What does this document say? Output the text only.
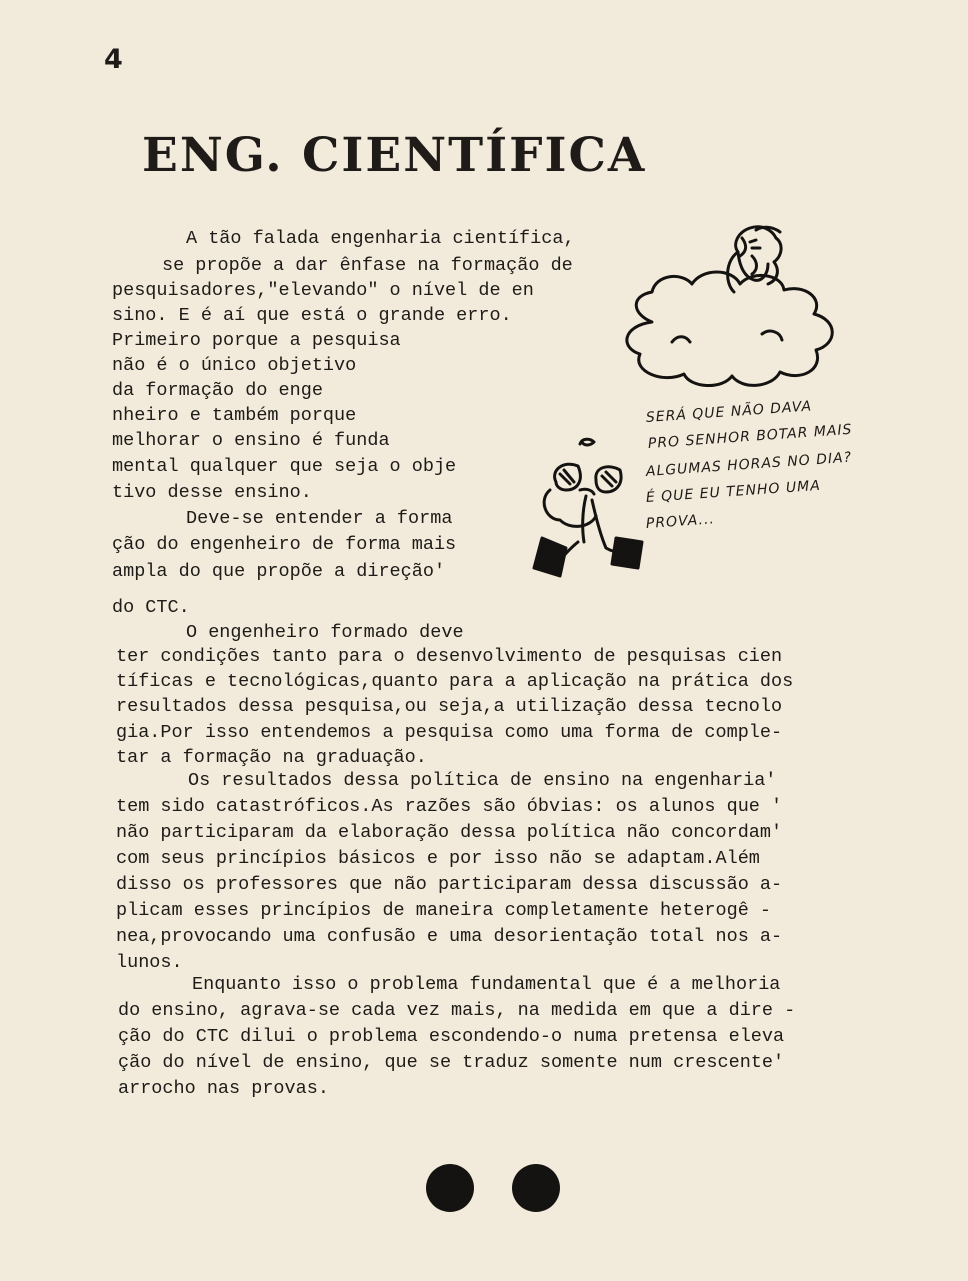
4
ENG. CIENTÍFICA
A tão falada engenharia científica,
se propõe a dar ênfase na formação de
pesquisadores,"elevando" o nível de en
sino. E é aí que está o grande erro.
Primeiro porque a pesquisa
não é o único objetivo
da formação do enge
nheiro e também porque
melhorar o ensino é funda
mental qualquer que seja o obje
tivo desse ensino.
Deve-se entender a forma
ção do engenheiro de forma mais
ampla do que propõe a direção'
do CTC.
O engenheiro formado deve
ter condições tanto para o desenvolvimento de pesquisas cien
tíficas e tecnológicas,quanto para a aplicação na prática dos
resultados dessa pesquisa,ou seja,a utilização dessa tecnolo
gia.Por isso entendemos a pesquisa como uma forma de comple-
tar a formação na graduação.
Os resultados dessa política de ensino na engenharia'
tem sido catastróficos.As razões são óbvias: os alunos que '
não participaram da elaboração dessa política não concordam'
com seus princípios básicos e por isso não se adaptam.Além
disso os professores que não participaram dessa discussão a-
plicam esses princípios de maneira completamente heterogê -
nea,provocando uma confusão e uma desorientação total nos a-
lunos.
Enquanto isso o problema fundamental que é a melhoria
do ensino, agrava-se cada vez mais, na medida em que a dire -
ção do CTC dilui o problema escondendo-o numa pretensa eleva
ção do nível de ensino, que se traduz somente num crescente'
arrocho nas provas.
SERÁ QUE NÃO DAVA
PRO SENHOR BOTAR MAIS
ALGUMAS HORAS NO DIA?
É QUE EU TENHO UMA
PROVA...
